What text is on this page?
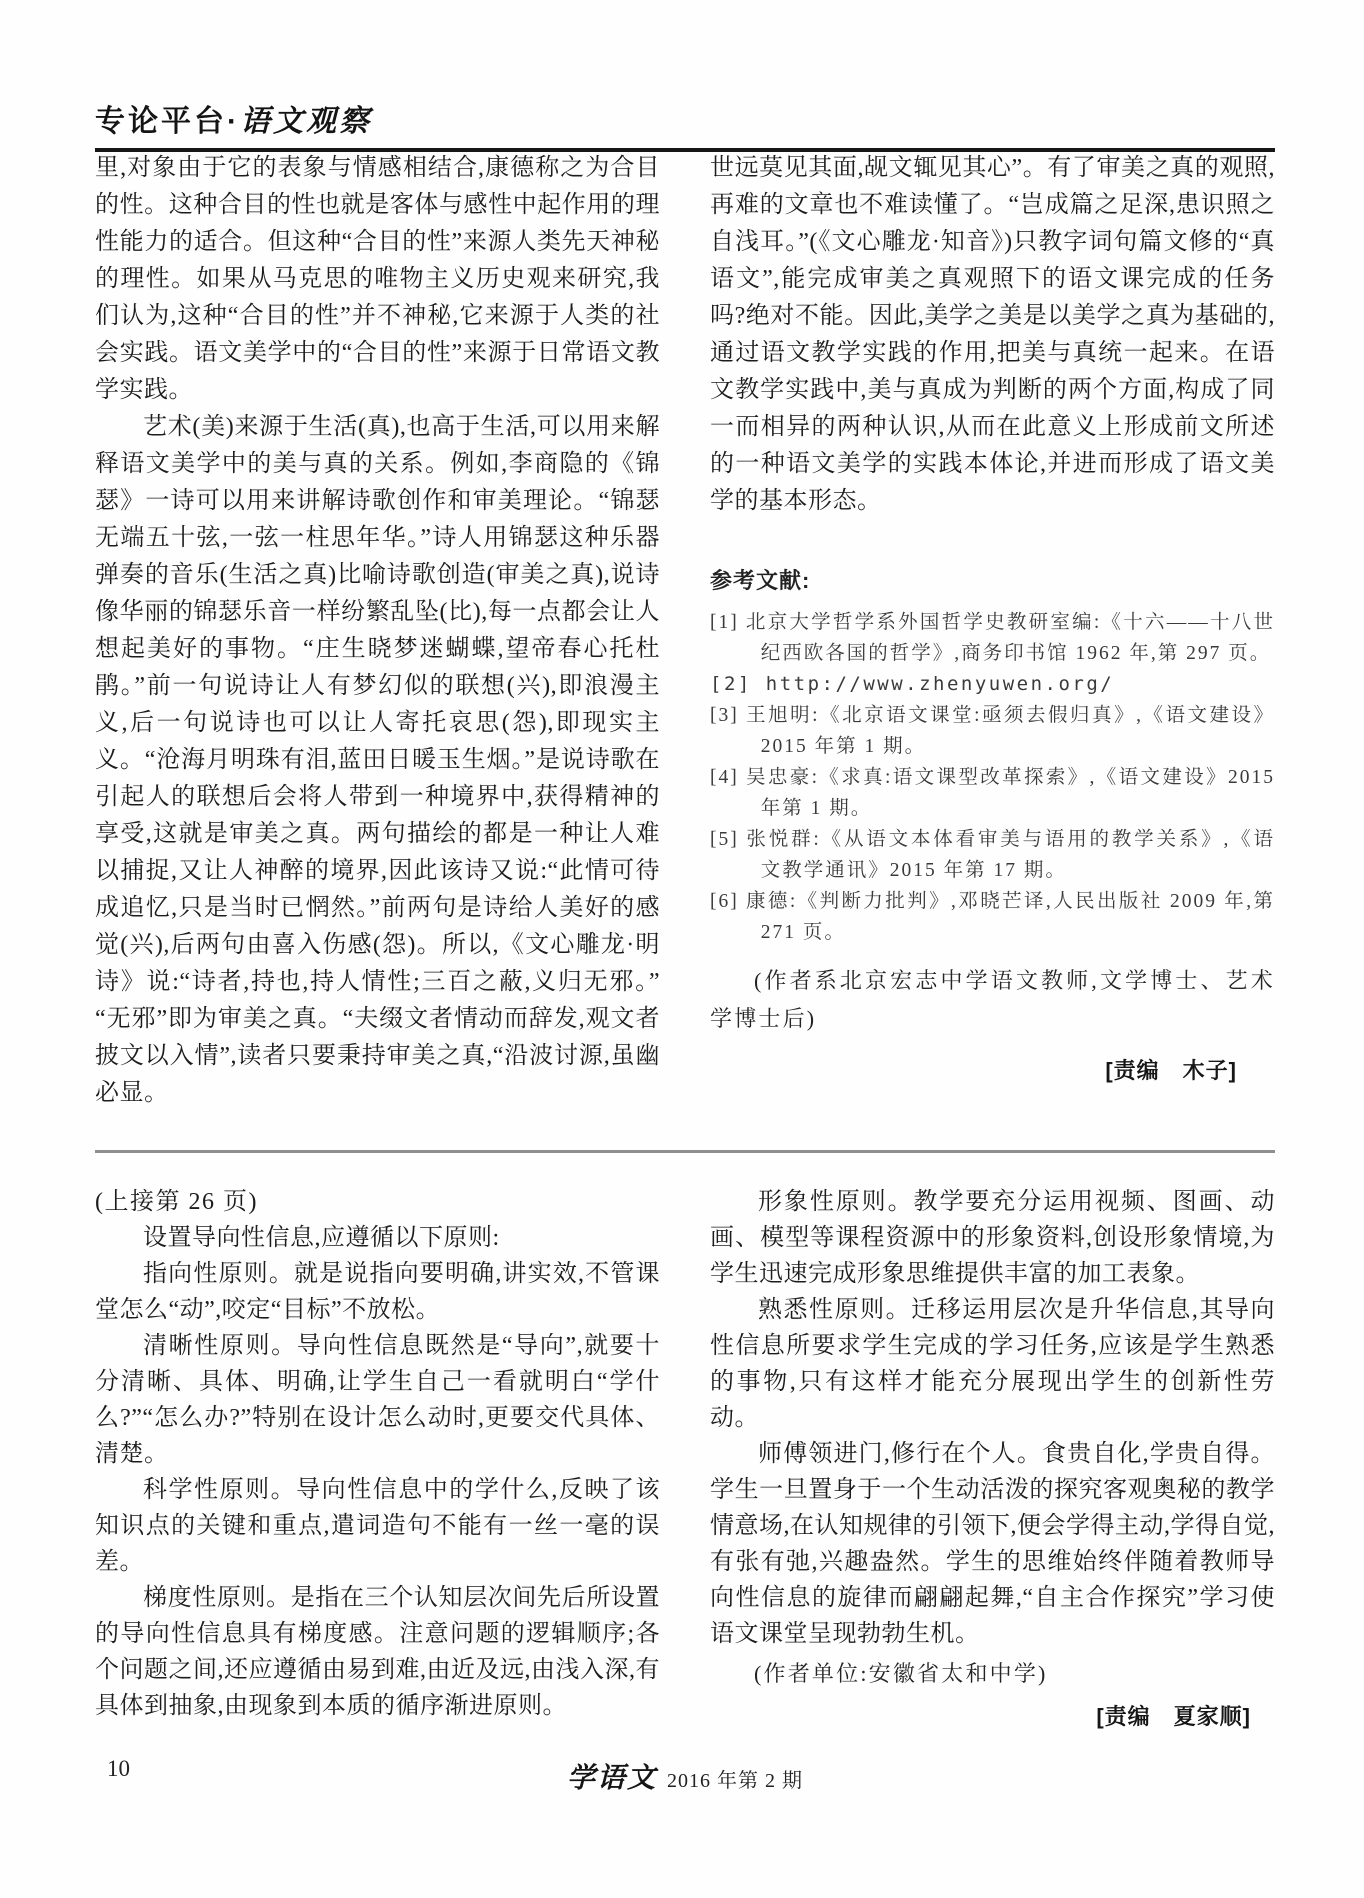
专论平台·语文观察

里,对象由于它的表象与情感相结合,康德称之为合目的性。这种合目的性也就是客体与感性中起作用的理性能力的适合。但这种“合目的性”来源人类先天神秘的理性。如果从马克思的唯物主义历史观来研究,我们认为,这种“合目的性”并不神秘,它来源于人类的社会实践。语文美学中的“合目的性”来源于日常语文教学实践。

艺术(美)来源于生活(真),也高于生活,可以用来解释语文美学中的美与真的关系。例如,李商隐的《锦瑟》一诗可以用来讲解诗歌创作和审美理论。“锦瑟无端五十弦,一弦一柱思年华。”诗人用锦瑟这种乐器弹奏的音乐(生活之真)比喻诗歌创造(审美之真),说诗像华丽的锦瑟乐音一样纷繁乱坠(比),每一点都会让人想起美好的事物。“庄生晓梦迷蝴蝶,望帝春心托杜鹃。”前一句说诗让人有梦幻似的联想(兴),即浪漫主义,后一句说诗也可以让人寄托哀思(怨),即现实主义。“沧海月明珠有泪,蓝田日暖玉生烟。”是说诗歌在引起人的联想后会将人带到一种境界中,获得精神的享受,这就是审美之真。两句描绘的都是一种让人难以捕捉,又让人神醉的境界,因此该诗又说:“此情可待成追忆,只是当时已惘然。”前两句是诗给人美好的感觉(兴),后两句由喜入伤感(怨)。所以,《文心雕龙·明诗》说:“诗者,持也,持人情性;三百之蔽,义归无邪。”“无邪”即为审美之真。“夫缀文者情动而辞发,观文者披文以入情”,读者只要秉持审美之真,“沿波讨源,虽幽必显。

世远莫见其面,觇文辄见其心”。有了审美之真的观照,再难的文章也不难读懂了。“岂成篇之足深,患识照之自浅耳。”(《文心雕龙·知音》)只教字词句篇文修的“真语文”,能完成审美之真观照下的语文课完成的任务吗?绝对不能。因此,美学之美是以美学之真为基础的,通过语文教学实践的作用,把美与真统一起来。在语文教学实践中,美与真成为判断的两个方面,构成了同一而相异的两种认识,从而在此意义上形成前文所述的一种语文美学的实践本体论,并进而形成了语文美学的基本形态。

参考文献:

[1] 北京大学哲学系外国哲学史教研室编:《十六——十八世纪西欧各国的哲学》,商务印书馆 1962 年,第 297 页。

[2] http://www.zhenyuwen.org/

[3] 王旭明:《北京语文课堂:亟须去假归真》,《语文建设》2015 年第 1 期。

[4] 吴忠豪:《求真:语文课型改革探索》,《语文建设》2015 年第 1 期。

[5] 张悦群:《从语文本体看审美与语用的教学关系》,《语文教学通讯》2015 年第 17 期。

[6] 康德:《判断力批判》,邓晓芒译,人民出版社 2009 年,第 271 页。

(作者系北京宏志中学语文教师,文学博士、艺术学博士后)

[责编　木子]

(上接第 26 页)

设置导向性信息,应遵循以下原则:

指向性原则。就是说指向要明确,讲实效,不管课堂怎么“动”,咬定“目标”不放松。

清晰性原则。导向性信息既然是“导向”,就要十分清晰、具体、明确,让学生自己一看就明白“学什么?”“怎么办?”特别在设计怎么动时,更要交代具体、清楚。

科学性原则。导向性信息中的学什么,反映了该知识点的关键和重点,遣词造句不能有一丝一毫的误差。

梯度性原则。是指在三个认知层次间先后所设置的导向性信息具有梯度感。注意问题的逻辑顺序;各个问题之间,还应遵循由易到难,由近及远,由浅入深,有具体到抽象,由现象到本质的循序渐进原则。

形象性原则。教学要充分运用视频、图画、动画、模型等课程资源中的形象资料,创设形象情境,为学生迅速完成形象思维提供丰富的加工表象。

熟悉性原则。迁移运用层次是升华信息,其导向性信息所要求学生完成的学习任务,应该是学生熟悉的事物,只有这样才能充分展现出学生的创新性劳动。

师傅领进门,修行在个人。食贵自化,学贵自得。学生一旦置身于一个生动活泼的探究客观奥秘的教学情意场,在认知规律的引领下,便会学得主动,学得自觉,有张有弛,兴趣盎然。学生的思维始终伴随着教师导向性信息的旋律而翩翩起舞,“自主合作探究”学习使语文课堂呈现勃勃生机。

(作者单位:安徽省太和中学)

[责编　夏家顺]

10	学语文 2016 年第 2 期
